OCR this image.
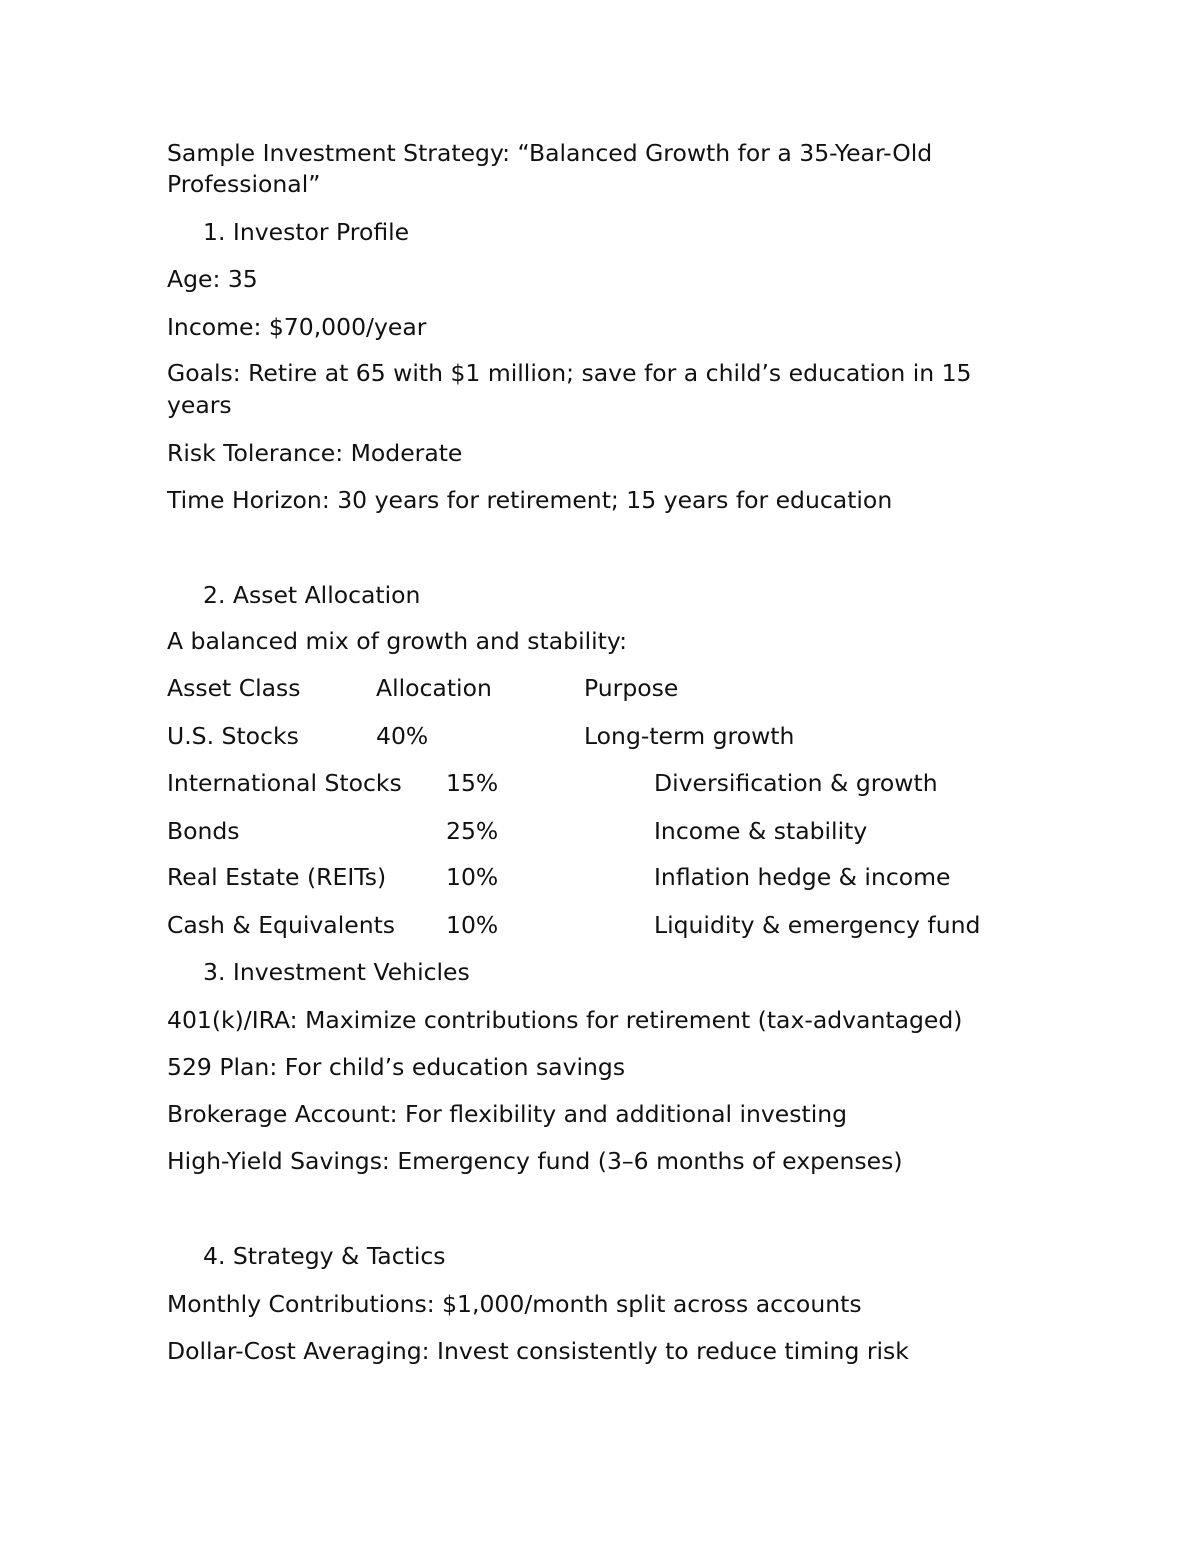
Sample Investment Strategy: “Balanced Growth for a 35-Year-Old
Professional”
1. Investor Profile
Age: 35
Income: $70,000/year
Goals: Retire at 65 with $1 million; save for a child’s education in 15
years
Risk Tolerance: Moderate
Time Horizon: 30 years for retirement; 15 years for education
2. Asset Allocation
A balanced mix of growth and stability:
Asset Class	Allocation	Purpose
U.S. Stocks	40%	Long-term growth
International Stocks 15%	Diversification & growth
Bonds	25%	Income & stability
Real Estate (REITs)	10%	Inflation hedge & income
Cash & Equivalents 10%	Liquidity & emergency fund
3. Investment Vehicles
401(k)/IRA: Maximize contributions for retirement (tax-advantaged)
529 Plan: For child’s education savings
Brokerage Account: For flexibility and additional investing
High-Yield Savings: Emergency fund (3–6 months of expenses)
4. Strategy & Tactics
Monthly Contributions: $1,000/month split across accounts
Dollar-Cost Averaging: Invest consistently to reduce timing risk
